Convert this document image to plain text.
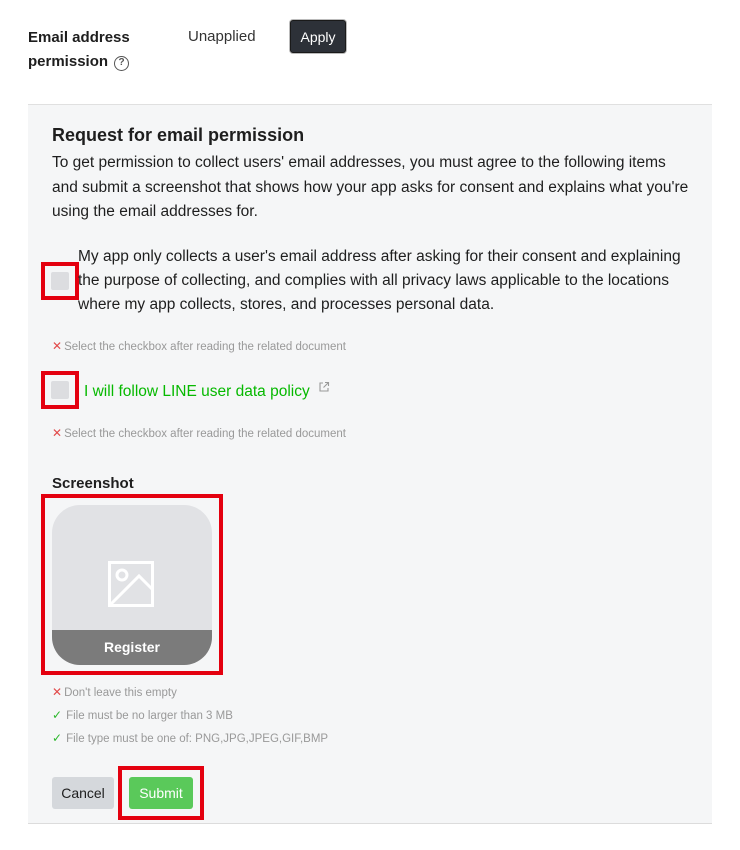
Email address
permission ?
Unapplied	Apply
Request for email permission
To get permission to collect users' email addresses, you must agree to the following items and submit a screenshot that shows how your app asks for consent and explains what you're using the email addresses for.
My app only collects a user's email address after asking for their consent and explaining the purpose of collecting, and complies with all privacy laws applicable to the locations where my app collects, stores, and processes personal data.
✕ Select the checkbox after reading the related document
I will follow LINE user data policy
✕ Select the checkbox after reading the related document
Screenshot
Register
✕ Don't leave this empty
✓ File must be no larger than 3 MB
✓ File type must be one of: PNG,JPG,JPEG,GIF,BMP
Cancel	Submit
